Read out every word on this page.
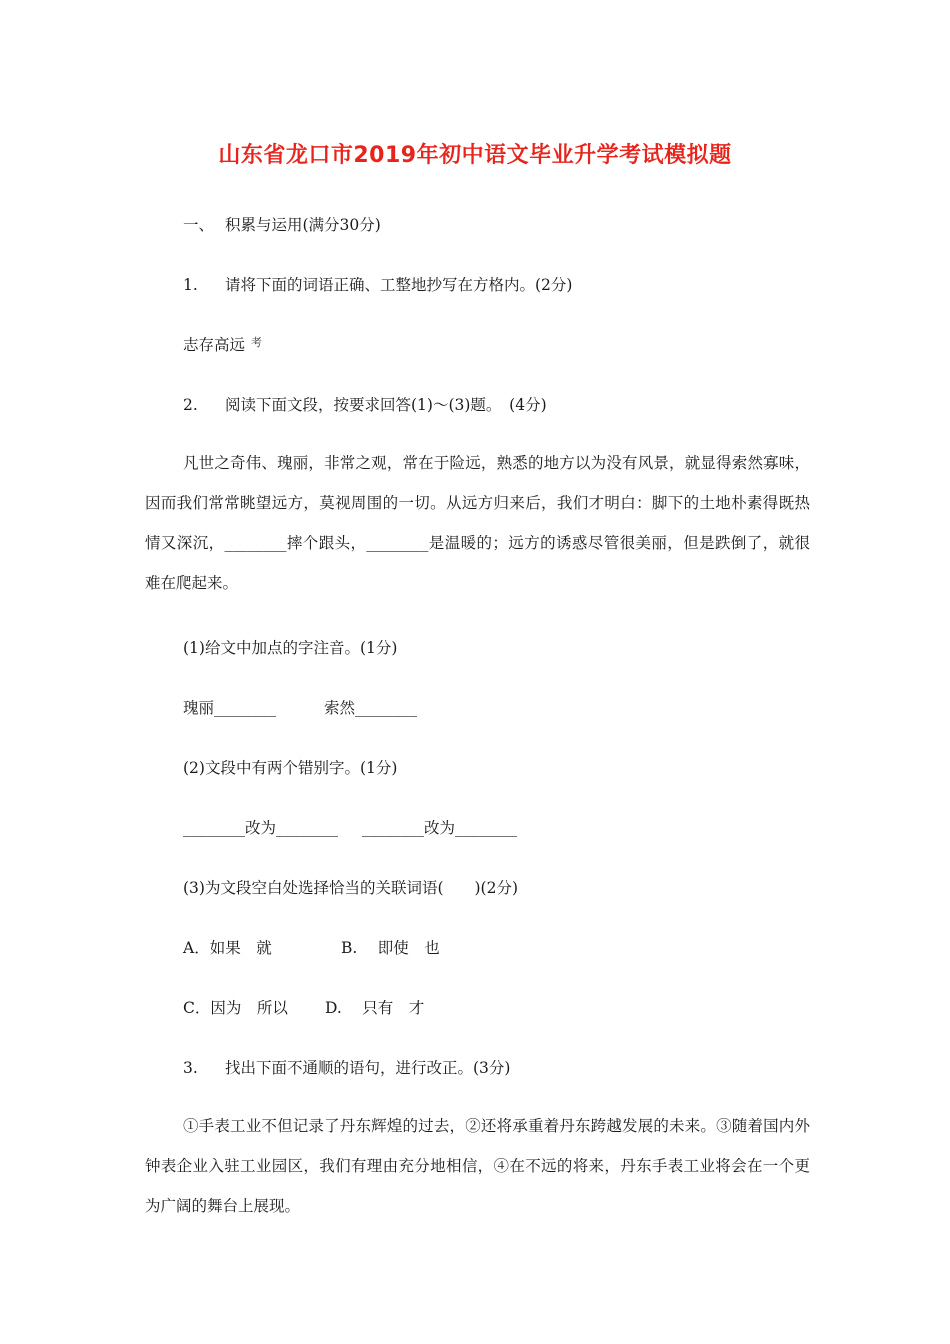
山东省龙口市2019年初中语文毕业升学考试模拟题
一、 积累与运用(满分30分)
1. 请将下面的词语正确、工整地抄写在方格内。(2分)
志存高远 $^考$
2. 阅读下面文段，按要求回答(1)～(3)题。　(4分)
凡世之奇伟、瑰丽，非常之观，常在于险远，熟悉的地方以为没有风景，就显得索然寡味，因而我们常常眺望远方，莫视周围的一切。从远方归来后，我们才明白：脚下的土地朴素得既热情又深沉，________摔个跟头，________是温暖的；远方的诱惑尽管很美丽，但是跌倒了，就很难在爬起来。
(1)给文中加点的字注音。(1分)
瑰丽________	索然________
(2)文段中有两个错别字。(1分)
________改为________ ________改为________
(3)为文段空白处选择恰当的关联词语(　　)(2分)
A．如果　就	B.　 即使　也
C．因为　所以 D.　 只有　才
3. 找出下面不通顺的语句，进行改正。(3分)
①手表工业不但记录了丹东辉煌的过去，②还将承重着丹东跨越发展的未来。③随着国内外钟表企业入驻工业园区，我们有理由充分地相信，④在不远的将来，丹东手表工业将会在一个更为广阔的舞台上展现。
